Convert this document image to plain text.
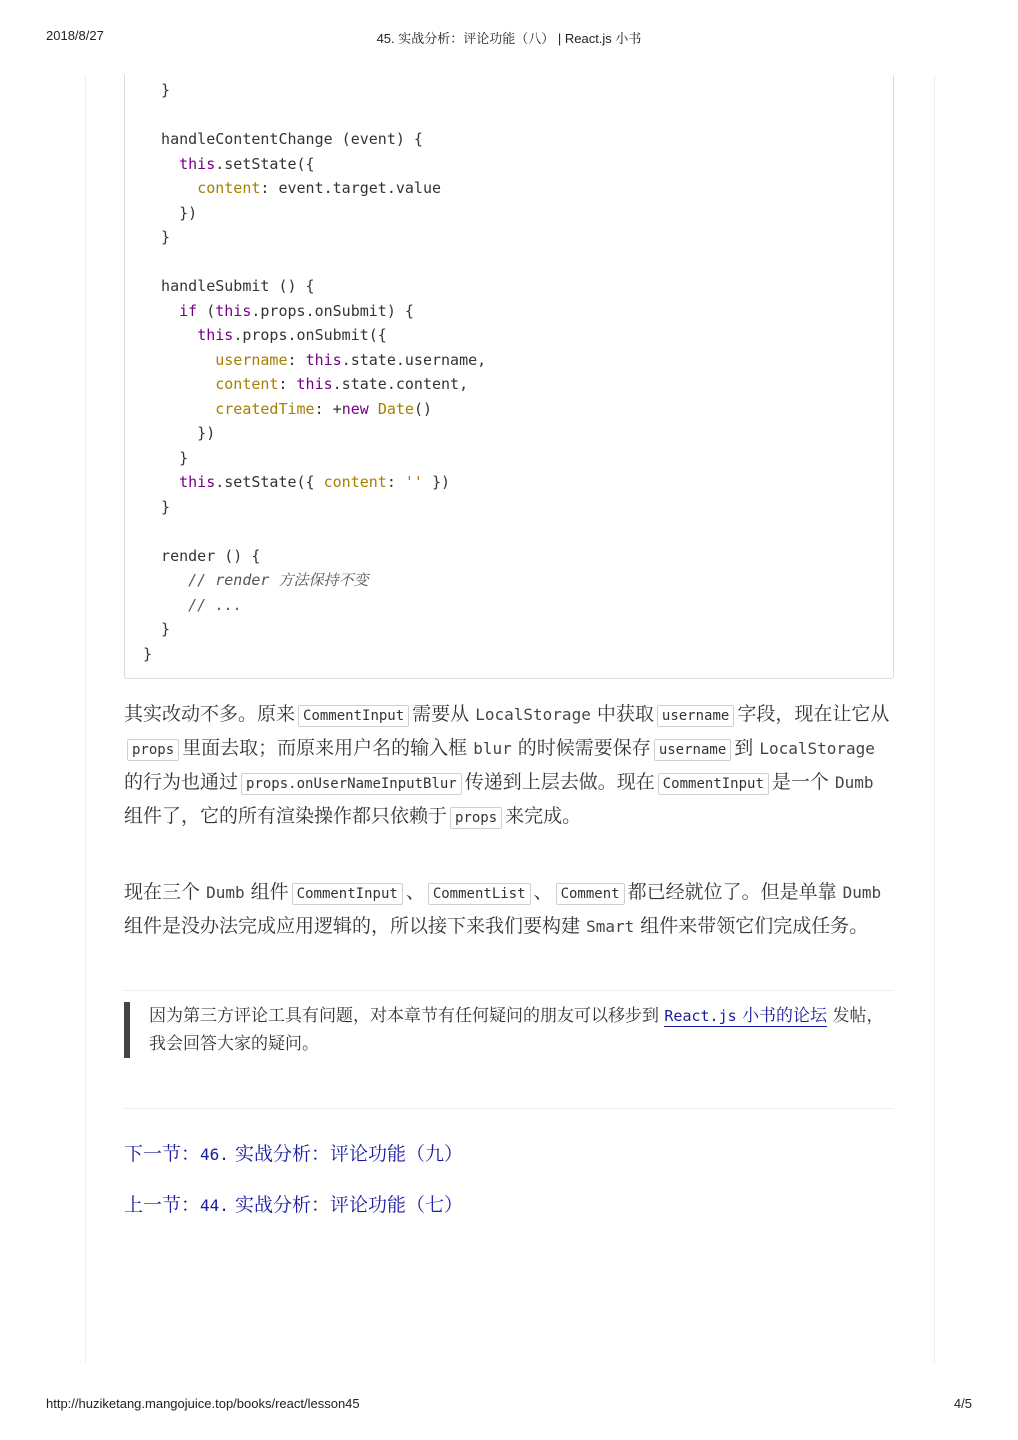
2018/8/27	45. 实战分析：评论功能（八） | React.js 小书
}
handleContentChange (event) {
this.setState({
content: event.target.value
})
}
handleSubmit () {
if (this.props.onSubmit) {
this.props.onSubmit({
username: this.state.username,
content: this.state.content,
createdTime: +new Date()
})
}
this.setState({ content: '' })
}
render () {
// render 方法保持不变
// ...
}
}

其实改动不多。原来 CommentInput 需要从 LocalStorage 中获取 username 字段，现在让它从props 里面去取；而原来用户名的输入框 blur 的时候需要保存 username 到 LocalStorage 的行为也通过 props.onUserNameInputBlur 传递到上层去做。现在 CommentInput 是一个 Dumb 组件了，它的所有渲染操作都只依赖于 props 来完成。

现在三个 Dumb 组件 CommentInput 、 CommentList 、 Comment 都已经就位了。但是单靠 Dumb 组件是没办法完成应用逻辑的，所以接下来我们要构建 Smart 组件来带领它们完成任务。

因为第三方评论工具有问题，对本章节有任何疑问的朋友可以移步到 React.js 小书的论坛 发帖，我会回答大家的疑问。
下一节：46. 实战分析：评论功能（九）
上一节：44. 实战分析：评论功能（七）
http://huziketang.mangojuice.top/books/react/lesson45	4/5
